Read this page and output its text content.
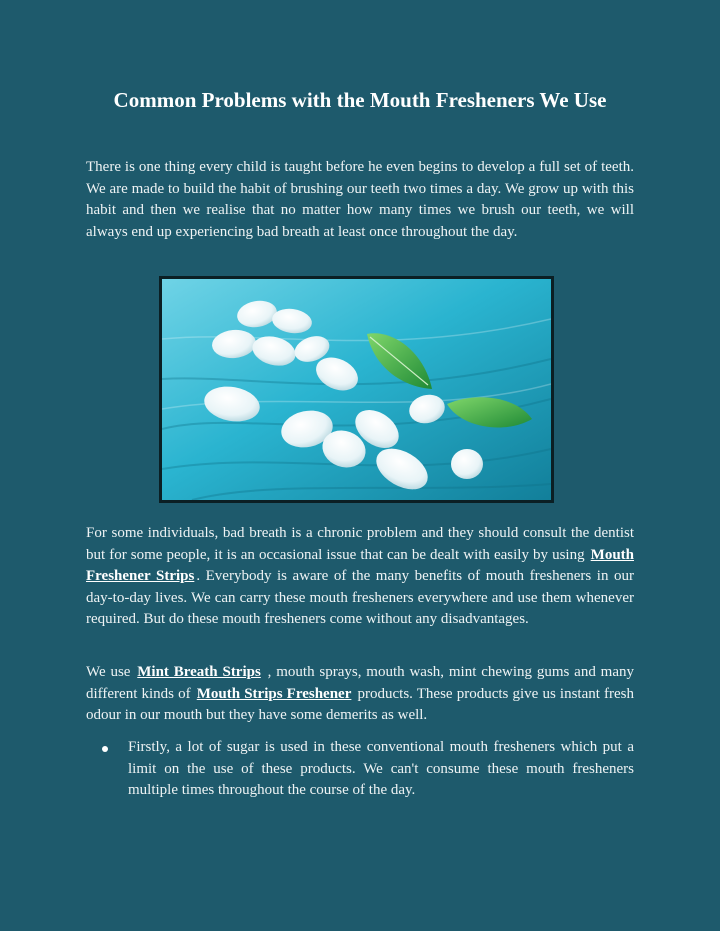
Common Problems with the Mouth Fresheners We Use

There is one thing every child is taught before he even begins to develop a full set of teeth. We are made to build the habit of brushing our teeth two times a day. We grow up with this habit and then we realise that no matter how many times we brush our teeth, we will always end up experiencing bad breath at least once throughout the day.

For some individuals, bad breath is a chronic problem and they should consult the dentist but for some people, it is an occasional issue that can be dealt with easily by using Mouth Freshener Strips . Everybody is aware of the many benefits of mouth fresheners in our day-to-day lives. We can carry these mouth fresheners everywhere and use them whenever required. But do these mouth fresheners come without any disadvantages.

We use Mint Breath Strips , mouth sprays, mouth wash, mint chewing gums and many different kinds of Mouth Strips Freshener products. These products give us instant fresh odour in our mouth but they have some demerits as well.

Firstly, a lot of sugar is used in these conventional mouth fresheners which put a limit on the use of these products. We can't consume these mouth fresheners multiple times throughout the course of the day.
